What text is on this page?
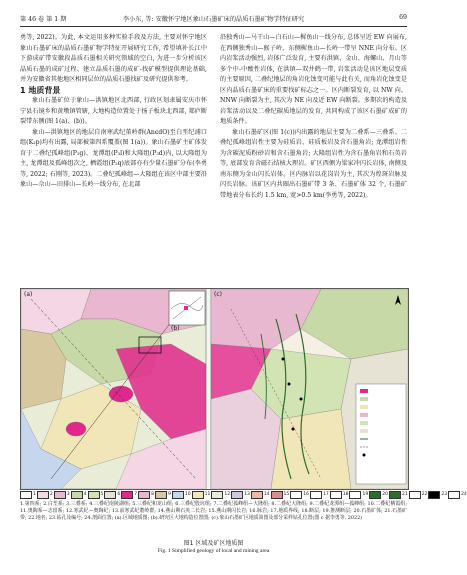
第 46 卷 第 1 期	李小东, 等: 安徽怀宁地区象山石墨矿床的晶质石墨矿物学特征研究	69

勇等, 2022)。为此, 本文运用多种实验手段及方法, 主要对怀宁地区象山石墨矿床的晶质石墨矿物学特征开展研究工作, 希望填补长江中下游成矿带安徽段晶质石墨相关研究领域的空白, 为进一步分析该区晶质石墨的成矿过程、建立晶质石墨的成矿-找矿模型提供理论基础, 并为安徽省其他地区相同层位的晶质石墨找矿及研究提供参考。

1 地质背景

象山石墨矿位于象山—洪镇地区北西部, 行政区划隶属安庆市怀宁县石镜乡和黄墩镇管辖, 大地构造位置处于扬子板块北西部, 郯庐断裂带东侧(图 1(a)、(b))。

象山—洪镇地区的地层自南寒武纪董岭群(AnϵdO)至白垩纪浦口组(K₂p)均有出露, 局部被第四系覆盖(图 1(a))。象山石墨矿主矿体发育于二叠纪孤峰组(P₂g)、龙潭组(P₃l)和大隆组(P₃d)内, 以大隆组为主, 龙潭组及孤峰组次之, 栖霞组(P₂q)底部亦有少量石墨矿分布(李勇等, 2022; 石刚等, 2023)。二叠纪孤峰组—大隆组在该区中部主要沿象山—佘山—田排山—长岭一线分布, 在北部

沿独秀山—马干山—白石山—樨鱼山一线分布, 总体呈近 EW 向展布, 在西侧独秀山—猴子岭、东侧樨鱼山—长岭一带呈 NNE 向分布。区内岩浆活动强烈, 岩体广泛发育, 主要有洪镇、金山、海螺山、月山等多个中-中酸性岩体, 在洪镇—双井鹤一带, 岩浆活动是该区地层变质的主要原因, 二叠纪地层的角岩化蚀变可能与此有关, 而角岩化蚀变是区内晶质石墨矿床的重要找矿标志之一。区内断裂发育, 以 NW 向、NNW 向断裂为主, 其次为 NE 向及近 EW 向断裂。多期次的构造及岩浆活动以及二叠纪碳质地层的发育, 共同构成了该区石墨矿成矿的地质条件。

象山石墨矿区(图 1(c))内出露的地层主要为二叠系—三叠系。二叠纪孤峰组岩性主要为硅质岩、硅质板岩及含石墨角岩; 龙潭组岩性为含碳泥质粉砂岩和含石墨角岩; 大隆组岩性为含石墨角岩和石英岩等, 底部发育含磁石结核大理岩。矿区西侧为梁家冲闪长岩体, 南侧及南东侧为金山闪长岩体。区内脉岩以花岗岩为主, 其次为煌斑岩脉及闪长岩脉。该矿区内共圈出石墨矿带 3 条、石墨矿体 32 个, 石墨矿带地表分布长约 1.5 km, 宽>0.5 km(李勇等, 2022)。

(a)
(b)
(c)
1	2	3	4	5	6	7	8	9	10	11	12	13	14	15	16	17	18	19	20	21	22	23	24
1.第四系; 2.白垩系; 3.三叠系; 4.三叠纪南陵湖组; 5.三叠纪和龙山组; 6.三叠纪殷坑组; 7.二叠纪孤峰组—大隆组; 8.二叠纪大隆组; 9.二叠纪龙潭组—孤峰组; 10.二叠纪栖霞组; 11.奥陶系—志留系; 12.寒武纪—奥陶纪; 13.前寒武纪董岭群; 14.燕山期石英二长岩; 15.燕山期闪长岩; 16.脉岩; 17.地质界线; 18.断层; 19.推测断层; 20.石墨矿体; 21.石墨矿带; 22.地名; 23.钻孔及编号; 24.剖面位置; (a).区域地质图; (b).研究区大地构造位置图; (c).象山石墨矿区地质简图及部分采样钻孔位置(图 c 据李勇等, 2022)
图1 区域及矿区地质图
Fig. 1 Simplified geology of local and mining area
